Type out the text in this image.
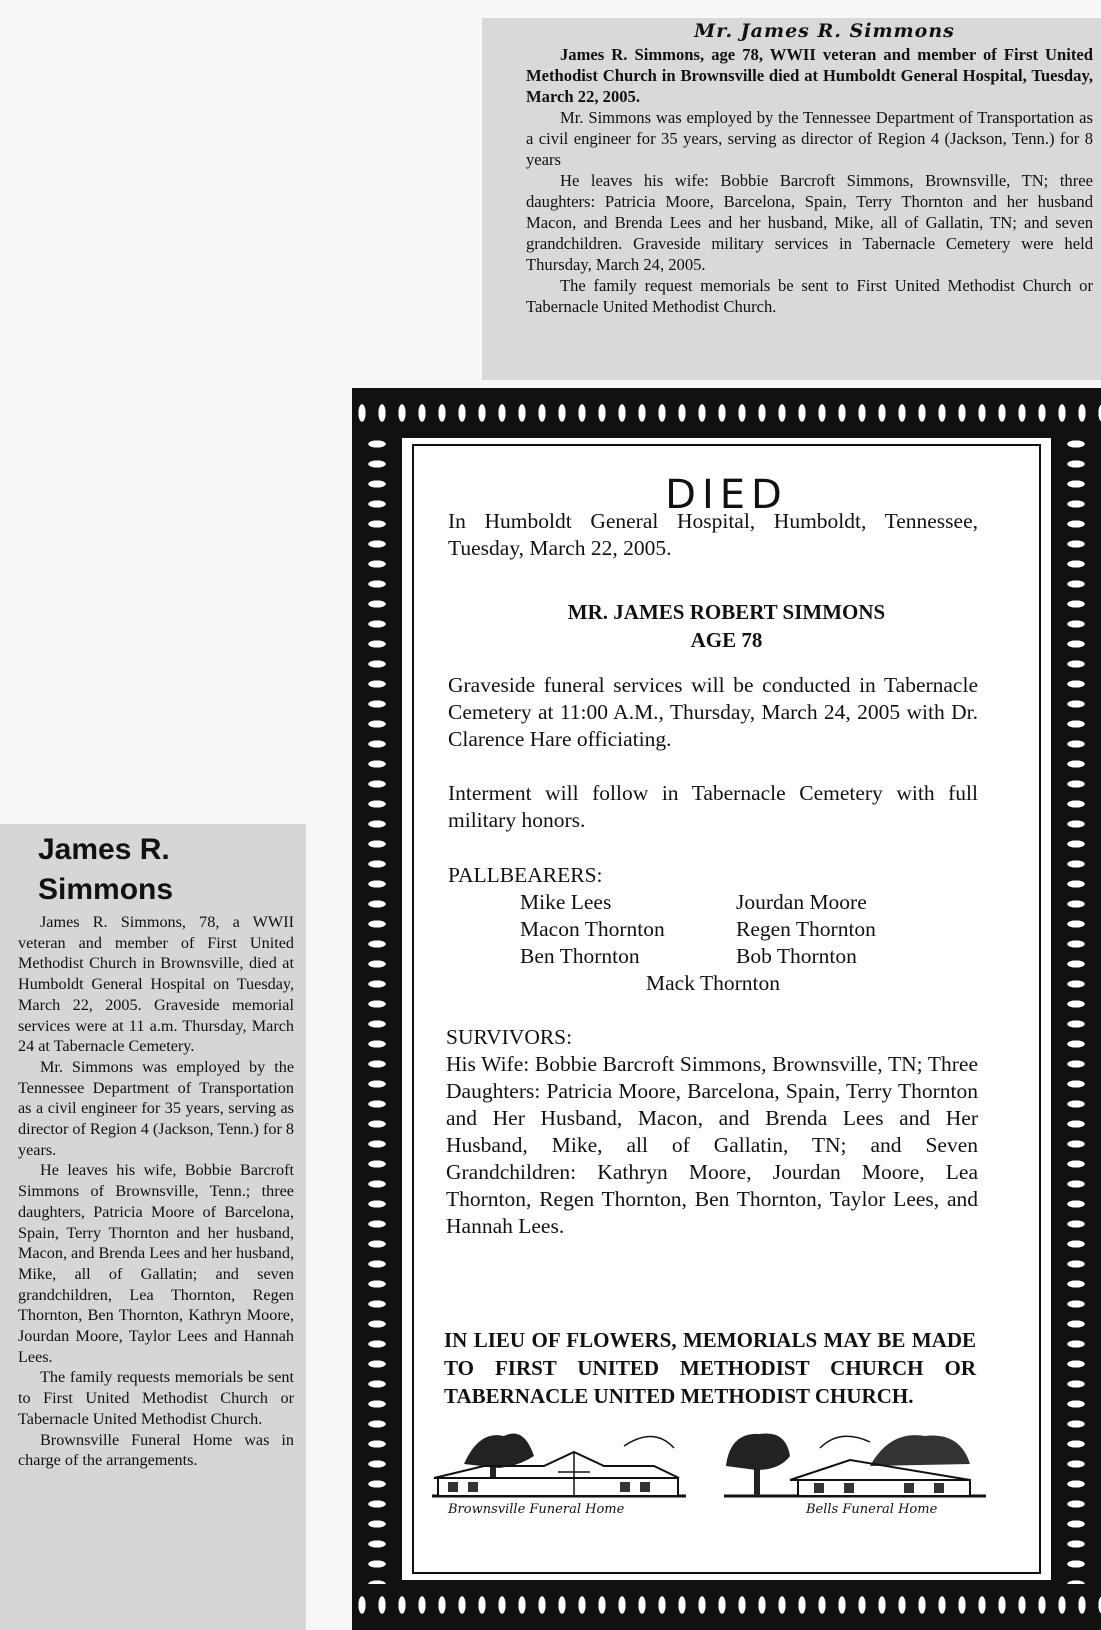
Mr. James R. Simmons

James R. Simmons, age 78, WWII veteran and member of First United Methodist Church in Brownsville died at Humboldt General Hospital, Tuesday, March 22, 2005.

Mr. Simmons was employed by the Tennessee Department of Transportation as a civil engineer for 35 years, serving as director of Region 4 (Jackson, Tenn.) for 8 years

He leaves his wife: Bobbie Barcroft Simmons, Brownsville, TN; three daughters: Patricia Moore, Barcelona, Spain, Terry Thornton and her husband Macon, and Brenda Lees and her husband, Mike, all of Gallatin, TN; and seven grandchildren. Graveside military services in Tabernacle Cemetery were held Thursday, March 24, 2005.

The family request memorials be sent to First United Methodist Church or Tabernacle United Methodist Church.

James R.
Simmons

James R. Simmons, 78, a WWII veteran and member of First United Methodist Church in Brownsville, died at Humboldt General Hospital on Tuesday, March 22, 2005. Graveside memorial services were at 11 a.m. Thursday, March 24 at Tabernacle Cemetery.

Mr. Simmons was employed by the Tennessee Department of Transportation as a civil engineer for 35 years, serving as director of Region 4 (Jackson, Tenn.) for 8 years.

He leaves his wife, Bobbie Barcroft Simmons of Brownsville, Tenn.; three daughters, Patricia Moore of Barcelona, Spain, Terry Thornton and her husband, Macon, and Brenda Lees and her husband, Mike, all of Gallatin; and seven grandchildren, Lea Thornton, Regen Thornton, Ben Thornton, Kathryn Moore, Jourdan Moore, Taylor Lees and Hannah Lees.

The family requests memorials be sent to First United Methodist Church or Tabernacle United Methodist Church.

Brownsville Funeral Home was in charge of the arrangements.

DIED
In Humboldt General Hospital, Humboldt, Tennessee, Tuesday, March 22, 2005.
MR. JAMES ROBERT SIMMONS
AGE 78
Graveside funeral services will be conducted in Tabernacle Cemetery at 11:00 A.M., Thursday, March 24, 2005 with Dr. Clarence Hare officiating.
Interment will follow in Tabernacle Cemetery with full military honors.
PALLBEARERS:
Mike Lees	Jourdan Moore
Macon Thornton	Regen Thornton
Ben Thornton	Bob Thornton
Mack Thornton
SURVIVORS:
His Wife: Bobbie Barcroft Simmons, Brownsville, TN; Three Daughters: Patricia Moore, Barcelona, Spain, Terry Thornton and Her Husband, Macon, and Brenda Lees and Her Husband, Mike, all of Gallatin, TN; and Seven Grandchildren: Kathryn Moore, Jourdan Moore, Lea Thornton, Regen Thornton, Ben Thornton, Taylor Lees, and Hannah Lees.
IN LIEU OF FLOWERS, MEMORIALS MAY BE MADE TO FIRST UNITED METHODIST CHURCH OR TABERNACLE UNITED METHODIST CHURCH.
Brownsville Funeral Home	Bells Funeral Home
